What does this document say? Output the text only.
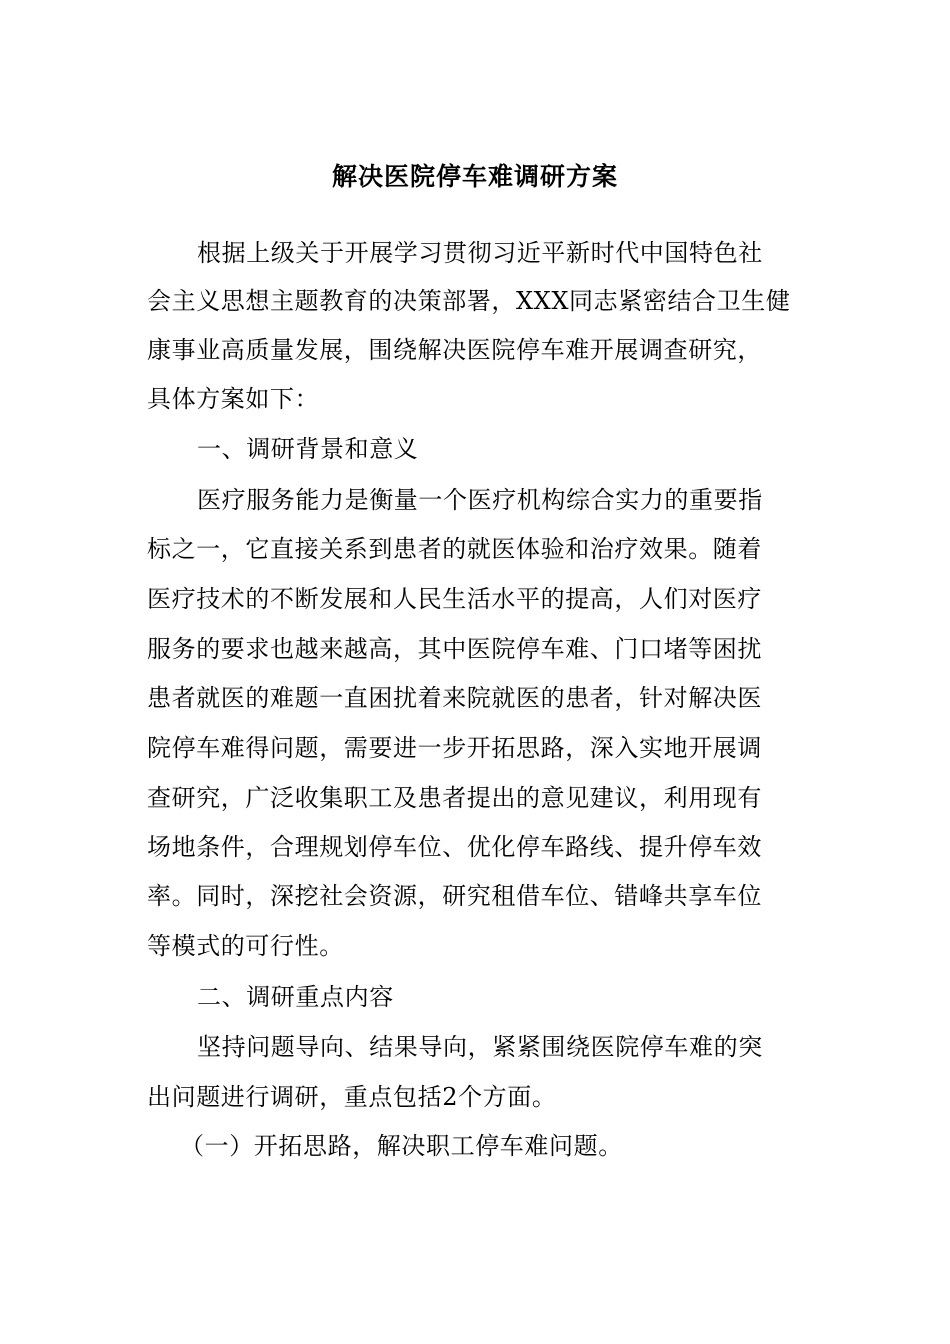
解决医院停车难调研方案
根据上级关于开展学习贯彻习近平新时代中国特色社
会主义思想主题教育的决策部署，XXX同志紧密结合卫生健
康事业高质量发展，围绕解决医院停车难开展调查研究，
具体方案如下：
一、调研背景和意义
医疗服务能力是衡量一个医疗机构综合实力的重要指
标之一，它直接关系到患者的就医体验和治疗效果。随着
医疗技术的不断发展和人民生活水平的提高，人们对医疗
服务的要求也越来越高，其中医院停车难、门口堵等困扰
患者就医的难题一直困扰着来院就医的患者，针对解决医
院停车难得问题，需要进一步开拓思路，深入实地开展调
查研究，广泛收集职工及患者提出的意见建议，利用现有
场地条件，合理规划停车位、优化停车路线、提升停车效
率。同时，深挖社会资源，研究租借车位、错峰共享车位
等模式的可行性。
二、调研重点内容
坚持问题导向、结果导向，紧紧围绕医院停车难的突
出问题进行调研，重点包括2个方面。
（一）开拓思路，解决职工停车难问题。
